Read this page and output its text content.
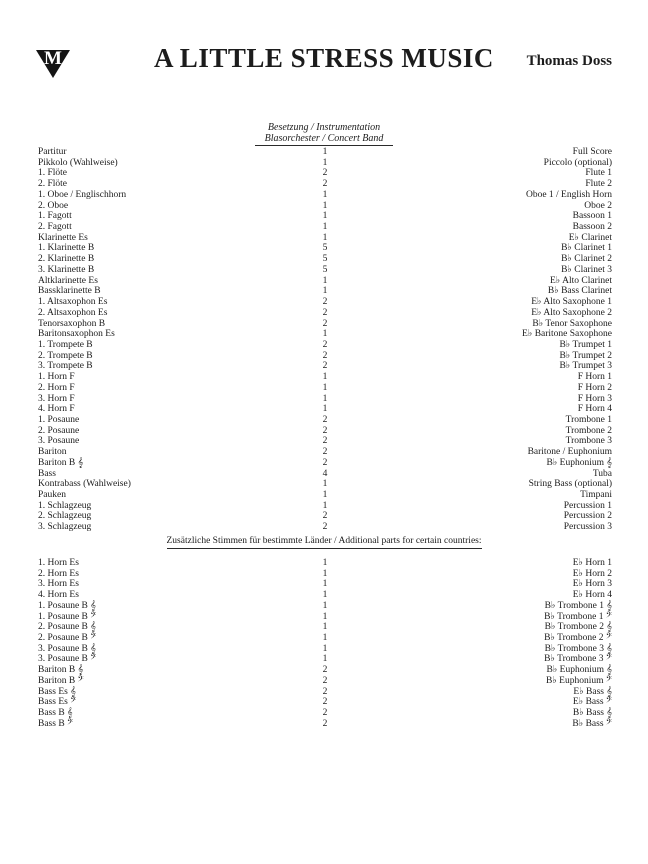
M	A LITTLE STRESS MUSIC	Thomas Doss
Besetzung / Instrumentation
Blasorchester / Concert Band
Partitur	1	Full Score
Pikkolo (Wahlweise)	1	Piccolo (optional)
1. Flöte	2	Flute 1
2. Flöte	2	Flute 2
1. Oboe / Englischhorn	1	Oboe 1 / English Horn
2. Oboe	1	Oboe 2
1. Fagott	1	Bassoon 1
2. Fagott	1	Bassoon 2
Klarinette Es	1	E♭ Clarinet
1. Klarinette B	5	B♭ Clarinet 1
2. Klarinette B	5	B♭ Clarinet 2
3. Klarinette B	5	B♭ Clarinet 3
Altklarinette Es	1	E♭ Alto Clarinet
Bassklarinette B	1	B♭ Bass Clarinet
1. Altsaxophon Es	2	E♭ Alto Saxophone 1
2. Altsaxophon Es	2	E♭ Alto Saxophone 2
Tenorsaxophon B	2	B♭ Tenor Saxophone
Baritonsaxophon Es	1	E♭ Baritone Saxophone
1. Trompete B	2	B♭ Trumpet 1
2. Trompete B	2	B♭ Trumpet 2
3. Trompete B	2	B♭ Trumpet 3
1. Horn F	1	F Horn 1
2. Horn F	1	F Horn 2
3. Horn F	1	F Horn 3
4. Horn F	1	F Horn 4
1. Posaune	2	Trombone 1
2. Posaune	2	Trombone 2
3. Posaune	2	Trombone 3
Bariton	2	Baritone / Euphonium
Bariton B 𝄞	2	B♭ Euphonium 𝄞
Bass	4	Tuba
Kontrabass (Wahlweise)	1	String Bass (optional)
Pauken	1	Timpani
1. Schlagzeug	1	Percussion 1
2. Schlagzeug	2	Percussion 2
3. Schlagzeug	2	Percussion 3
Zusätzliche Stimmen für bestimmte Länder / Additional parts for certain countries:
1. Horn Es	1	E♭ Horn 1
2. Horn Es	1	E♭ Horn 2
3. Horn Es	1	E♭ Horn 3
4. Horn Es	1	E♭ Horn 4
1. Posaune B 𝄞	1	B♭ Trombone 1 𝄞
1. Posaune B 𝄢	1	B♭ Trombone 1 𝄢
2. Posaune B 𝄞	1	B♭ Trombone 2 𝄞
2. Posaune B 𝄢	1	B♭ Trombone 2 𝄢
3. Posaune B 𝄞	1	B♭ Trombone 3 𝄞
3. Posaune B 𝄢	1	B♭ Trombone 3 𝄢
Bariton B 𝄞	2	B♭ Euphonium 𝄞
Bariton B 𝄢	2	B♭ Euphonium 𝄢
Bass Es 𝄞	2	E♭ Bass 𝄞
Bass Es 𝄢	2	E♭ Bass 𝄢
Bass B 𝄞	2	B♭ Bass 𝄞
Bass B 𝄢	2	B♭ Bass 𝄢
